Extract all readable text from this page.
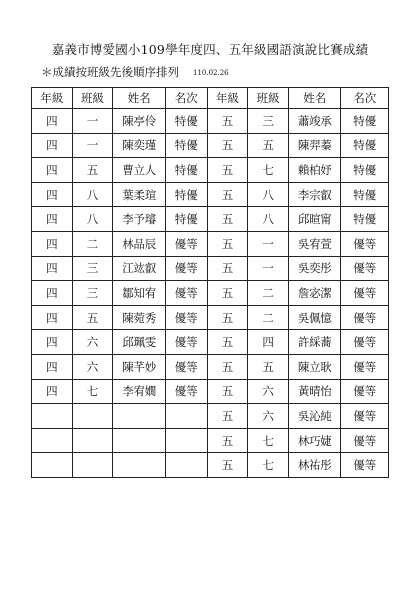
嘉義市博愛國小109學年度四、五年級國語演說比賽成績
＊成績按班級先後順序排列 110.02.26
年級	班級	姓名	名次	年級	班級	姓名	名次
四	一	陳亭伶	特優	五	三	蕭竣承	特優
四	一	陳奕瑾	特優	五	五	陳羿蓁	特優
四	五	曹立人	特優	五	七	賴柏妤	特優
四	八	葉柔瑄	特優	五	八	李宗叡	特優
四	八	李予璿	特優	五	八	邱暄甯	特優
四	二	林品辰	優等	五	一	吳宥萱	優等
四	三	江竑叡	優等	五	一	吳奕彤	優等
四	三	鄒知宥	優等	五	二	詹宓潔	優等
四	五	陳菀秀	優等	五	二	吳佩憶	優等
四	六	邱珮雯	優等	五	四	許綵蕎	優等
四	六	陳芊妙	優等	五	五	陳立耿	優等
四	七	李宥嫺	優等	五	六	黃晴怡	優等
				五	六	吳沁純	優等
				五	七	林巧婕	優等
				五	七	林祐彤	優等
